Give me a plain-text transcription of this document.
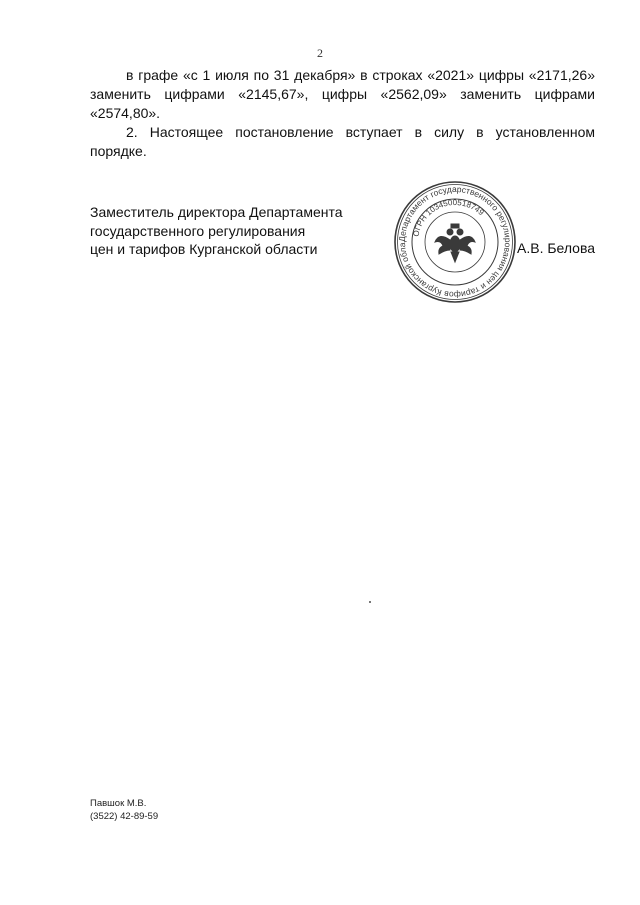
2

в графе «с 1 июля по 31 декабря» в строках «2021» цифры «2171,26» заменить цифрами «2145,67», цифры «2562,09» заменить цифрами «2574,80».

2. Настоящее постановление вступает в силу в установленном порядке.

Заместитель директора Департамента
государственного регулирования
цен и тарифов Курганской области
Департамент государственного регулирования цен и тарифов Курганской обла
ОГРН 1034500518749
А.В. Белова
Павшок М.В.
(3522) 42-89-59
